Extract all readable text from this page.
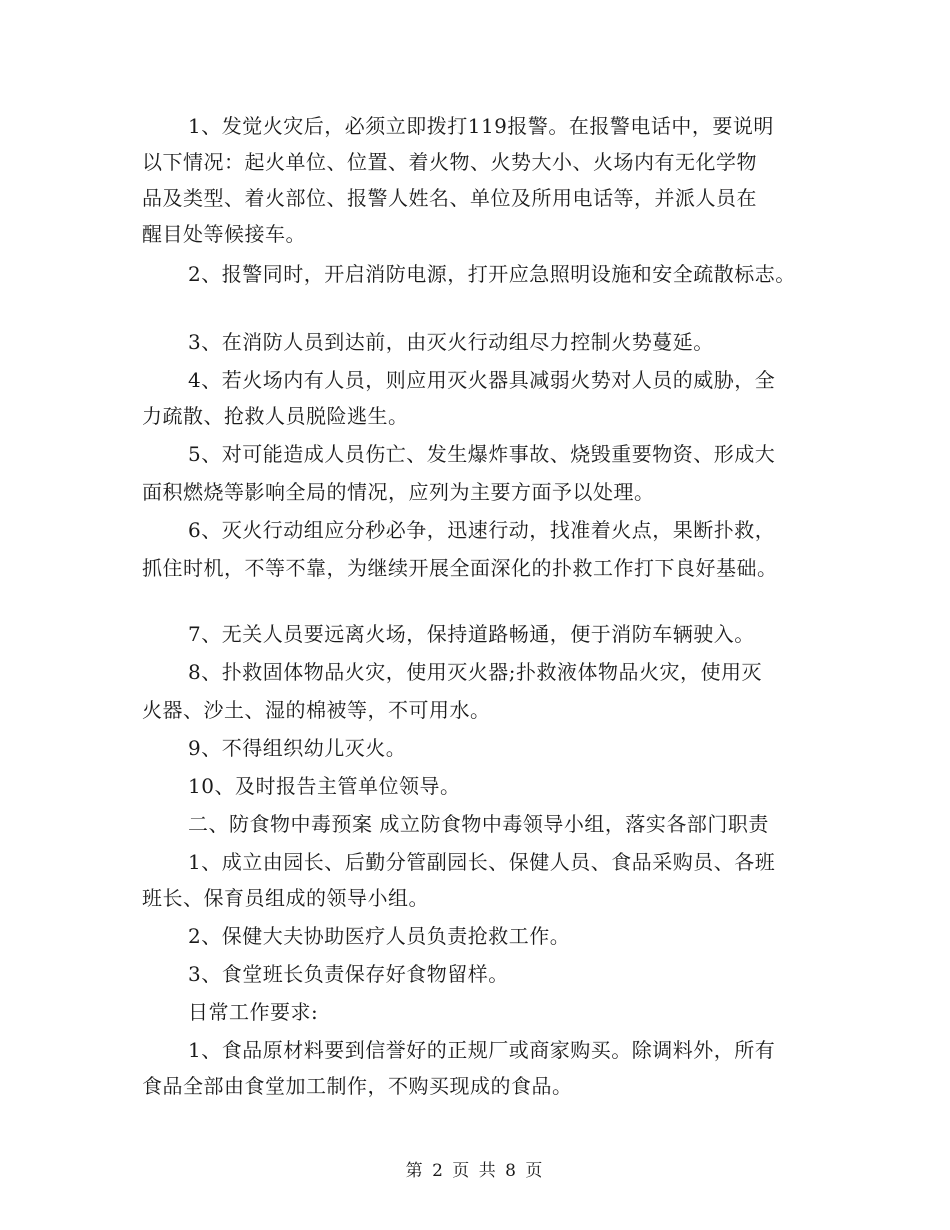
1、发觉火灾后，必须立即拨打119报警。在报警电话中，要说明
以下情况：起火单位、位置、着火物、火势大小、火场内有无化学物
品及类型、着火部位、报警人姓名、单位及所用电话等，并派人员在
醒目处等候接车。
2、报警同时，开启消防电源，打开应急照明设施和安全疏散标志。
3、在消防人员到达前，由灭火行动组尽力控制火势蔓延。
4、若火场内有人员，则应用灭火器具减弱火势对人员的威胁，全
力疏散、抢救人员脱险逃生。
5、对可能造成人员伤亡、发生爆炸事故、烧毁重要物资、形成大
面积燃烧等影响全局的情况，应列为主要方面予以处理。
6、灭火行动组应分秒必争，迅速行动，找准着火点，果断扑救，
抓住时机，不等不靠，为继续开展全面深化的扑救工作打下良好基础。
7、无关人员要远离火场，保持道路畅通，便于消防车辆驶入。
8、扑救固体物品火灾，使用灭火器;扑救液体物品火灾，使用灭
火器、沙土、湿的棉被等，不可用水。
9、不得组织幼儿灭火。
10、及时报告主管单位领导。
二、防食物中毒预案 成立防食物中毒领导小组，落实各部门职责
1、成立由园长、后勤分管副园长、保健人员、食品采购员、各班
班长、保育员组成的领导小组。
2、保健大夫协助医疗人员负责抢救工作。
3、食堂班长负责保存好食物留样。
日常工作要求:
1、食品原材料要到信誉好的正规厂或商家购买。除调料外，所有
食品全部由食堂加工制作，不购买现成的食品。
第 2 页 共 8 页
